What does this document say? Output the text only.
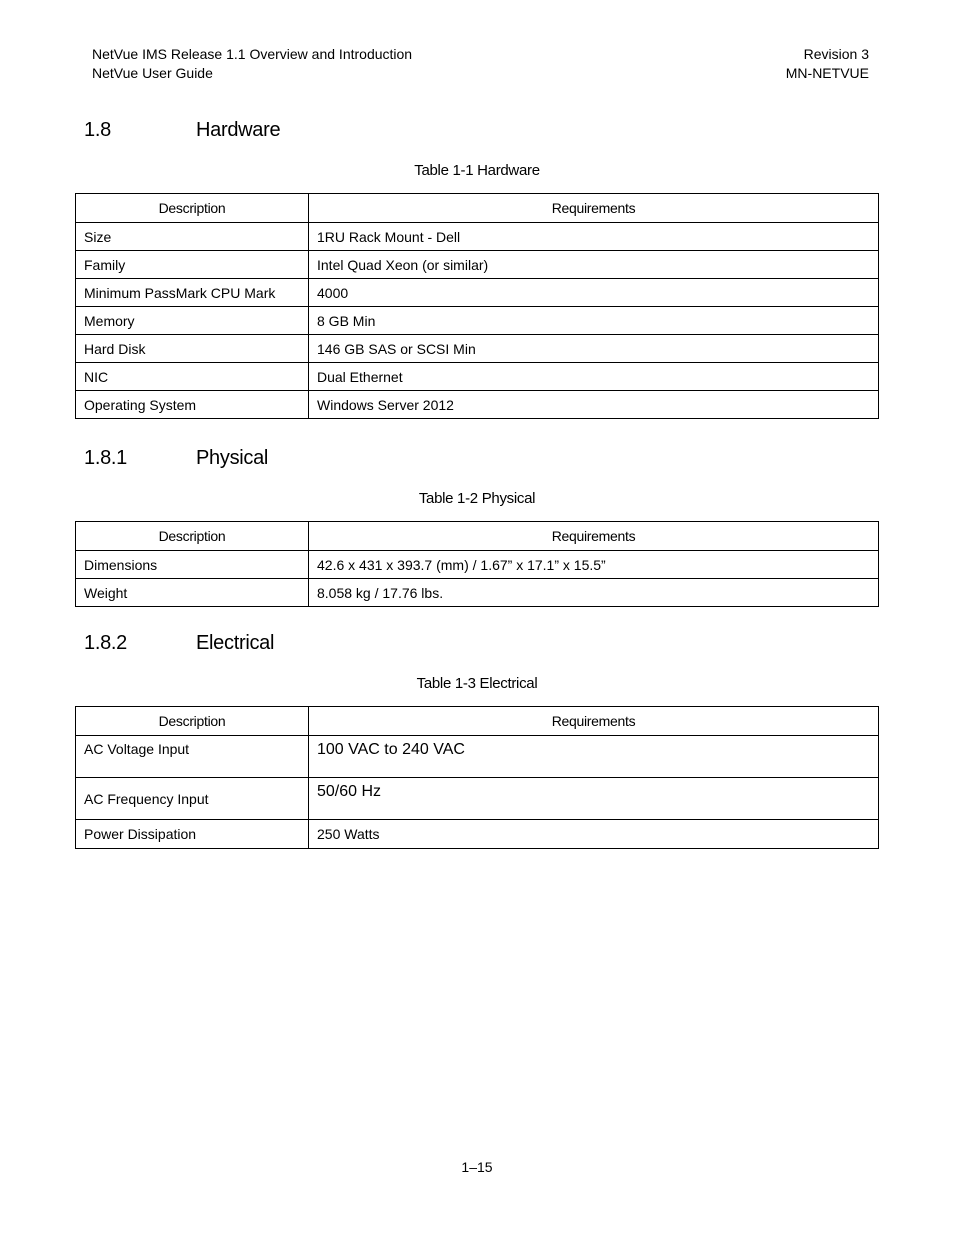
NetVue IMS Release 1.1 Overview and Introduction
NetVue User Guide
Revision 3
MN-NETVUE
1.8	Hardware
Table 1-1 Hardware
Description	Requirements
Size	1RU Rack Mount - Dell
Family	Intel Quad Xeon (or similar)
Minimum PassMark CPU Mark	4000
Memory	8 GB Min
Hard Disk	146 GB SAS or SCSI Min
NIC	Dual Ethernet
Operating System	Windows Server 2012
1.8.1	Physical
Table 1-2 Physical
Description	Requirements
Dimensions	42.6 x 431 x 393.7 (mm) / 1.67” x 17.1” x 15.5”
Weight	8.058 kg / 17.76 lbs.
1.8.2	Electrical
Table 1-3 Electrical
Description	Requirements
AC Voltage Input	100 VAC to 240 VAC
AC Frequency Input	50/60 Hz
Power Dissipation	250 Watts
1–15
